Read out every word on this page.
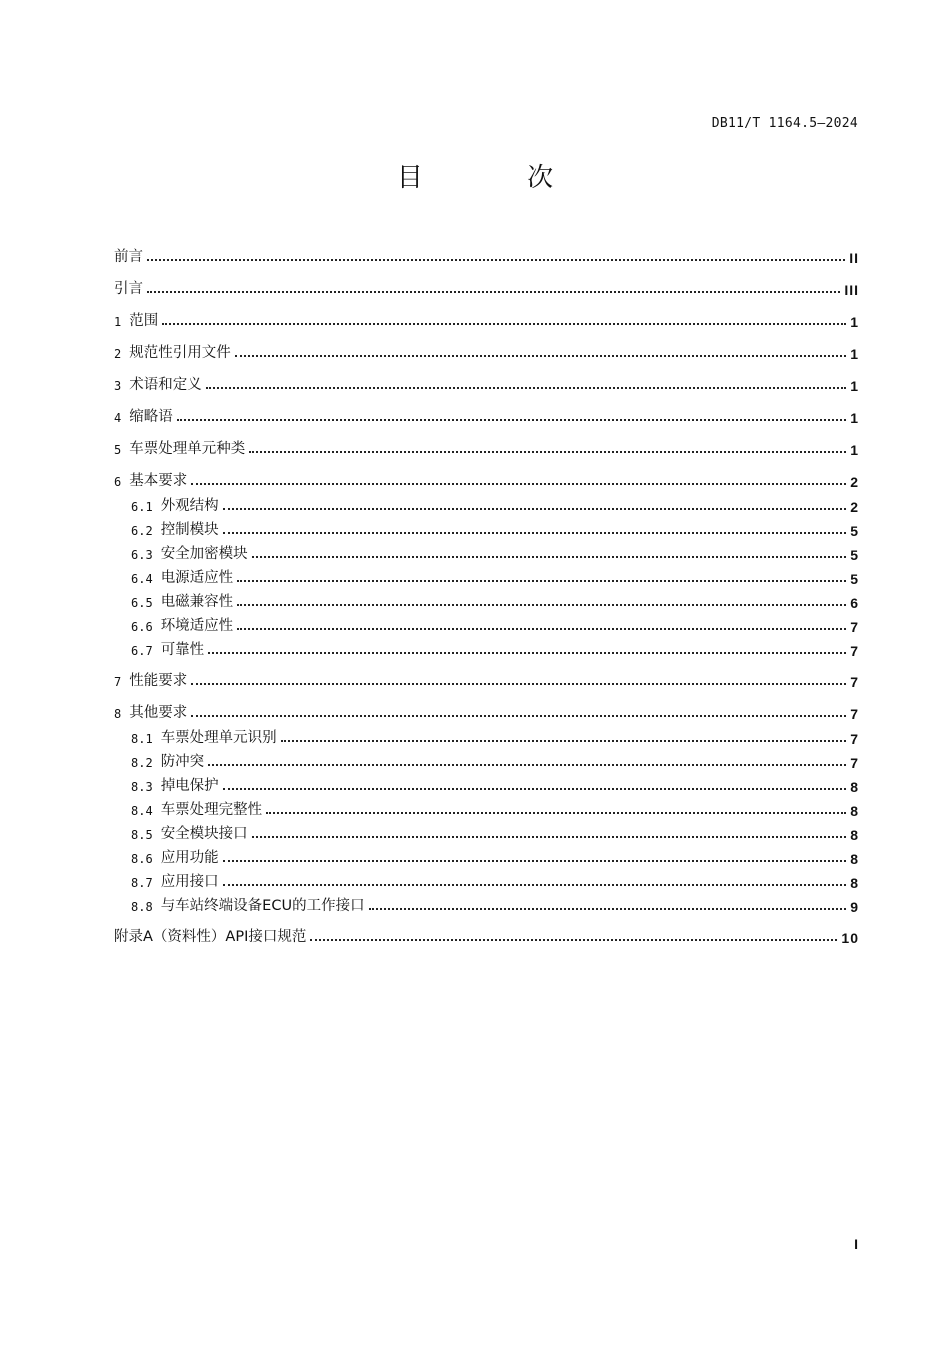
DB11/T 1164.5—2024
目 次
前言	II
引言	III
1 范围	1
2 规范性引用文件	1
3 术语和定义	1
4 缩略语	1
5 车票处理单元种类	1
6 基本要求	2
6.1 外观结构	2
6.2 控制模块	5
6.3 安全加密模块	5
6.4 电源适应性	5
6.5 电磁兼容性	6
6.6 环境适应性	7
6.7 可靠性	7
7 性能要求	7
8 其他要求	7
8.1 车票处理单元识别	7
8.2 防冲突	7
8.3 掉电保护	8
8.4 车票处理完整性	8
8.5 安全模块接口	8
8.6 应用功能	8
8.7 应用接口	8
8.8 与车站终端设备ECU的工作接口	9
附录A（资料性）API接口规范	10
I
